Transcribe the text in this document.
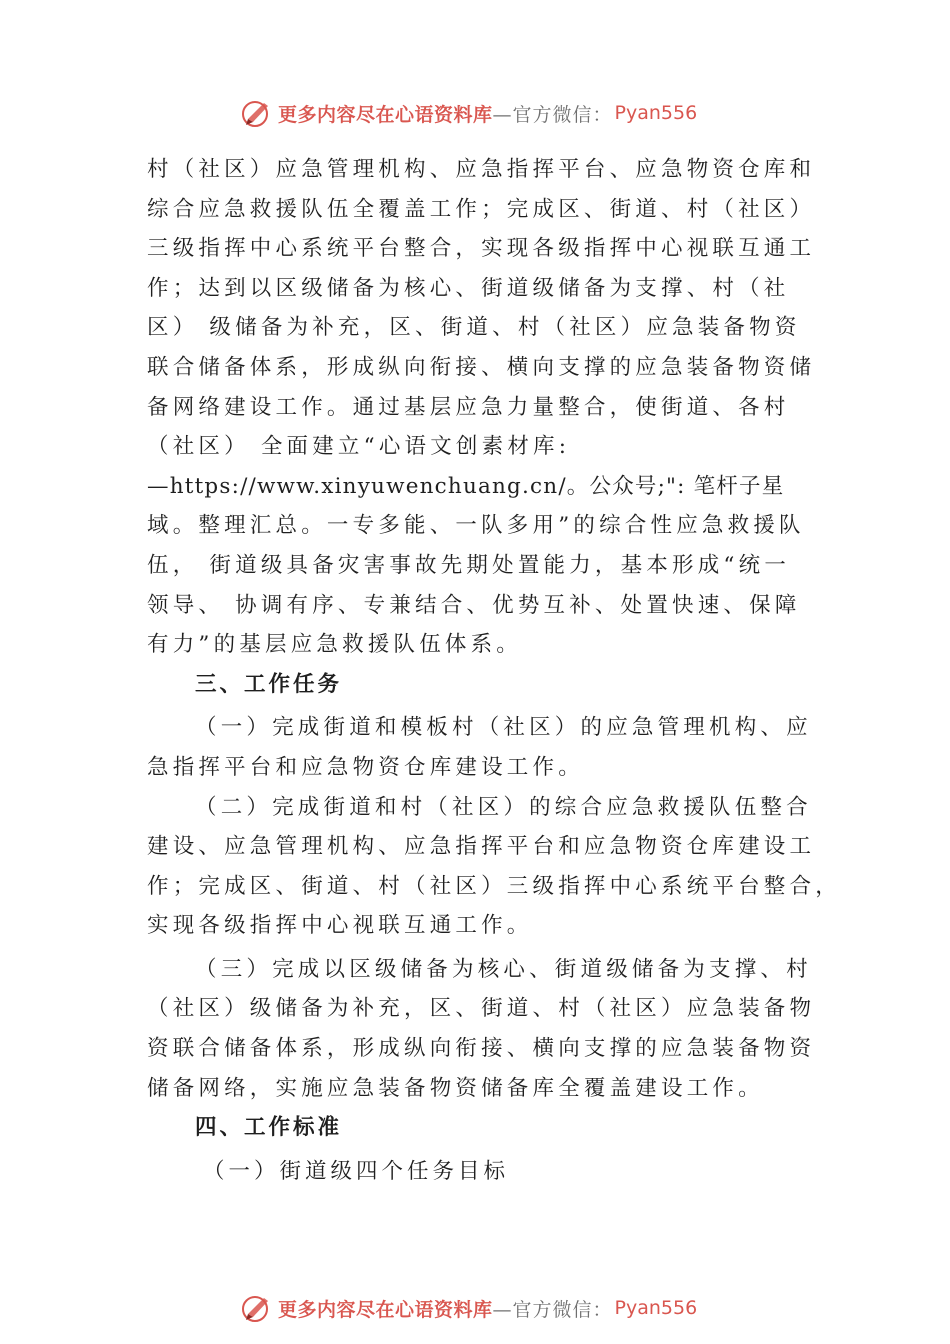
更多内容尽在心语资料库 —官方微信： Pyan556
村（社区）应急管理机构、应急指挥平台、应急物资仓库和
综合应急救援队伍全覆盖工作；完成区、街道、村（社区）
三级指挥中心系统平台整合，实现各级指挥中心视联互通工
作；达到以区级储备为核心、街道级储备为支撑、村（社
区） 级储备为补充，区、街道、村（社区）应急装备物资
联合储备体系，形成纵向衔接、横向支撑的应急装备物资储
备网络建设工作。通过基层应急力量整合，使街道、各村
（社区） 全面建立“心语文创素材库:
—https://www.xinyuwenchuang.cn/。公众号;": 笔杆子星
域。整理汇总。一专多能、一队多用”的综合性应急救援队
伍， 街道级具备灾害事故先期处置能力，基本形成“统一
领导、 协调有序、专兼结合、优势互补、处置快速、保障
有力”的基层应急救援队伍体系。
三、工作任务
（一）完成街道和模板村（社区）的应急管理机构、应
急指挥平台和应急物资仓库建设工作。
（二）完成街道和村（社区）的综合应急救援队伍整合
建设、应急管理机构、应急指挥平台和应急物资仓库建设工
作；完成区、街道、村（社区）三级指挥中心系统平台整合，
实现各级指挥中心视联互通工作。
（三）完成以区级储备为核心、街道级储备为支撑、村
（社区）级储备为补充，区、街道、村（社区）应急装备物
资联合储备体系，形成纵向衔接、横向支撑的应急装备物资
储备网络，实施应急装备物资储备库全覆盖建设工作。
四、工作标准
（一）街道级四个任务目标
更多内容尽在心语资料库 —官方微信： Pyan556
